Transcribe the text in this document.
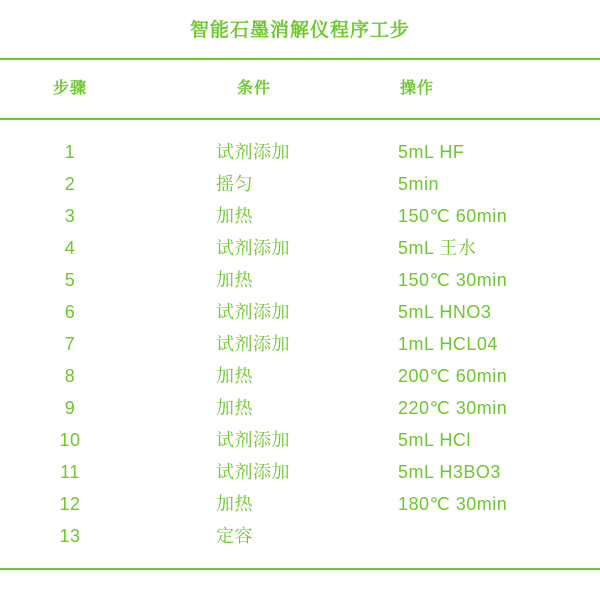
智能石墨消解仪程序工步
步骤	条件	操作
1	试剂添加	5mL HF
2	摇匀	5min
3	加热	150℃ 60min
4	试剂添加	5mL 王水
5	加热	150℃ 30min
6	试剂添加	5mL HNO3
7	试剂添加	1mL HCL04
8	加热	200℃ 60min
9	加热	220℃ 30min
10	试剂添加	5mL HCl
11	试剂添加	5mL H3BO3
12	加热	180℃ 30min
13	定容
